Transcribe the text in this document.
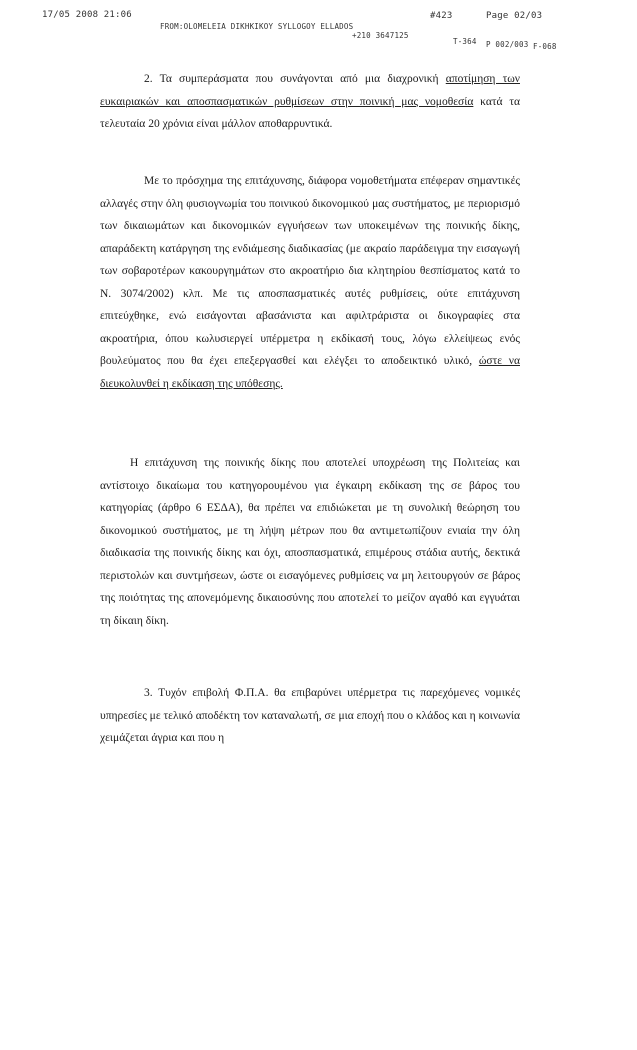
17/05 2008 21:06
FROM:OLOMELEIA DIKHKIKOY SYLLOGOY ELLADOS
+210 3647125
#423	Page 02/03
T-364 P 002/003 F-068

2. Τα συμπεράσματα που συνάγονται από μια διαχρονική αποτίμηση των ευκαιριακών και αποσπασματικών ρυθμίσεων στην ποινική μας νομοθεσία κατά τα τελευταία 20 χρόνια είναι μάλλον αποθαρρυντικά.

Με το πρόσχημα της επιτάχυνσης, διάφορα νομοθετήματα επέφεραν σημαντικές αλλαγές στην όλη φυσιογνωμία του ποινικού δικονομικού μας συστήματος, με περιορισμό των δικαιωμάτων και δικονομικών εγγυήσεων των υποκειμένων της ποινικής δίκης, απαράδεκτη κατάργηση της ενδιάμεσης διαδικασίας (με ακραίο παράδειγμα την εισαγωγή των σοβαροτέρων κακουργημάτων στο ακροατήριο δια κλητηρίου θεσπίσματος κατά το Ν. 3074/2002) κλπ. Με τις αποσπασματικές αυτές ρυθμίσεις, ούτε επιτάχυνση επιτεύχθηκε, ενώ εισάγονται αβασάνιστα και αφιλτράριστα οι δικογραφίες στα ακροατήρια, όπου κωλυσιεργεί υπέρμετρα η εκδίκασή τους, λόγω ελλείψεως ενός βουλεύματος που θα έχει επεξεργασθεί και ελέγξει το αποδεικτικό υλικό, ώστε να διευκολυνθεί η εκδίκαση της υπόθεσης.

Η επιτάχυνση της ποινικής δίκης που αποτελεί υποχρέωση της Πολιτείας και αντίστοιχο δικαίωμα του κατηγορουμένου για έγκαιρη εκδίκαση της σε βάρος του κατηγορίας (άρθρο 6 ΕΣΔΑ), θα πρέπει να επιδιώκεται με τη συνολική θεώρηση του δικονομικού συστήματος, με τη λήψη μέτρων που θα αντιμετωπίζουν ενιαία την όλη διαδικασία της ποινικής δίκης και όχι, αποσπασματικά, επιμέρους στάδια αυτής, δεκτικά περιστολών και συντμήσεων, ώστε οι εισαγόμενες ρυθμίσεις να μη λειτουργούν σε βάρος της ποιότητας της απονεμόμενης δικαιοσύνης που αποτελεί το μείζον αγαθό και εγγυάται τη δίκαιη δίκη.

3. Τυχόν επιβολή Φ.Π.Α. θα επιβαρύνει υπέρμετρα τις παρεχόμενες νομικές υπηρεσίες με τελικό αποδέκτη τον καταναλωτή, σε μια εποχή που ο κλάδος και η κοινωνία χειμάζεται άγρια και που η
